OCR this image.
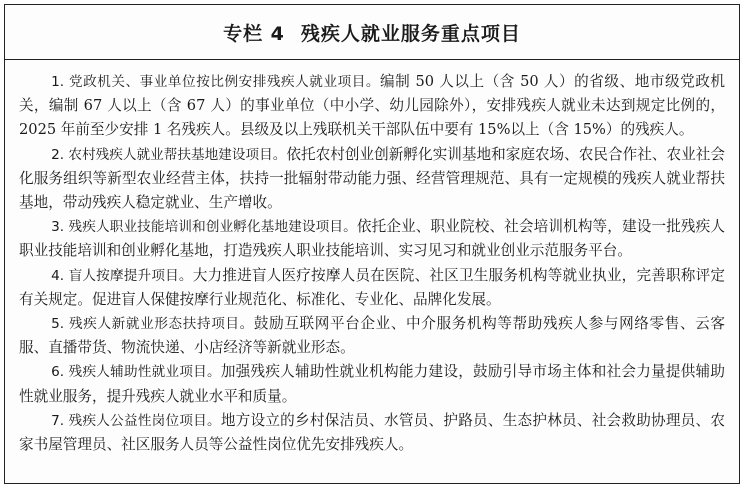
专栏 4 残疾人就业服务重点项目

1. 党政机关、事业单位按比例安排残疾人就业项目。编制 50 人以上（含 50 人）的省级、地市级党政机关，编制 67 人以上（含 67 人）的事业单位（中小学、幼儿园除外），安排残疾人就业未达到规定比例的，2025 年前至少安排 1 名残疾人。县级及以上残联机关干部队伍中要有 15%以上（含 15%）的残疾人。

2. 农村残疾人就业帮扶基地建设项目。依托农村创业创新孵化实训基地和家庭农场、农民合作社、农业社会化服务组织等新型农业经营主体，扶持一批辐射带动能力强、经营管理规范、具有一定规模的残疾人就业帮扶基地，带动残疾人稳定就业、生产增收。

3. 残疾人职业技能培训和创业孵化基地建设项目。依托企业、职业院校、社会培训机构等，建设一批残疾人职业技能培训和创业孵化基地，打造残疾人职业技能培训、实习见习和就业创业示范服务平台。

4. 盲人按摩提升项目。大力推进盲人医疗按摩人员在医院、社区卫生服务机构等就业执业，完善职称评定有关规定。促进盲人保健按摩行业规范化、标准化、专业化、品牌化发展。

5. 残疾人新就业形态扶持项目。鼓励互联网平台企业、中介服务机构等帮助残疾人参与网络零售、云客服、直播带货、物流快递、小店经济等新就业形态。

6. 残疾人辅助性就业项目。加强残疾人辅助性就业机构能力建设，鼓励引导市场主体和社会力量提供辅助性就业服务，提升残疾人就业水平和质量。

7. 残疾人公益性岗位项目。地方设立的乡村保洁员、水管员、护路员、生态护林员、社会救助协理员、农家书屋管理员、社区服务人员等公益性岗位优先安排残疾人。
